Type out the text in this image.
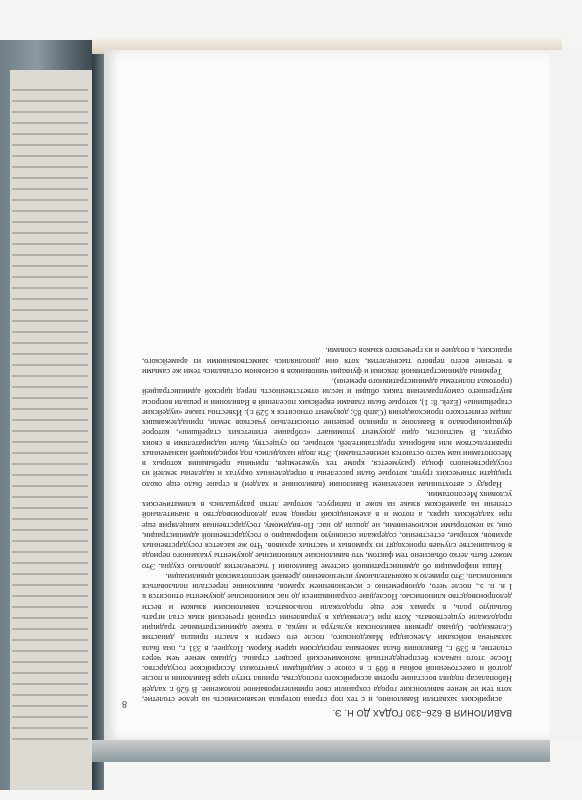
ВАВИЛОНИЯ В 626–330 ГОДАХ ДО Н. Э.

асирийских захватили Вавилонию, и с тех пор страна потеряла независимость на целое столетие, хотя тем не менее вавилонские города сохраняли свое привилегированное положение. В 626 г. халдей Набопаласар поднял восстание против ассирийского господства, принял титул царя Вавилонии и после долгой и ожесточенной войны в 609 г. в союзе с мидийцами уничтожил Ассирийское государство. После этого начался беспрецедентный экономический расцвет страны. Однако менее чем через столетие, в 539 г., Вавилония была завоевана персидским царем Киром. Позднее, в 331 г., она была захвачена войсками Александра Македонского, после его смерти к власти пришла династия Селевкидов. Однако древняя вавилонская культура и наука, а также административные традиции продолжали существовать. Хотя при Селевкидах в управлении страной греческий язык стал играть большую роль, в храмах все еще продолжали пользоваться вавилонским языком и вести делопроизводство клинописью. Последние сохранившиеся до нас клинописные документы относятся к I в. н. э., после чего, одновременно с исчезновением храмов, вавилоняне перестали пользоваться клинописью. Это привело к окончательному исчезновению древней месопотамской цивилизации.

Наша информация об административной системе Вавилонии I тысячелетия довольно скудна. Это может быть легко объяснено тем фактом, что вавилонские клинописные документы указанного периода в большинстве случаев происходят из храмовых и частных архивов. Что же касается государственных архивов, которые, естественно, содержали основную информацию о государственной администрации, они, за некоторыми исключениями, не дошли до нас. По-видимому, государственная канцелярия еще при халдейских царях, а потом и в ахеменидский период вела делопроизводство в значительной степени на арамейском языке на коже и папирусе, которые легко разрушались в климатических условиях Месопотамии.

Наряду с автохтонным населением Вавилонии (вавилоняне и халдеи) в стране было еще около тридцати этнических групп, которые были расселены в определенных округах и наделены землей из государственного фонда (разумеется, кроме тех чужеземцев, причины пребывания которых в Месопотамии нам часто остаются неизвестными). Эти люди находились под юрисдикцией назначенных правительством или выборных представителей, которые, по существу, были надзирателями в своих округах. В частности, один документ упоминает «собрание египетских старейшин», которое функционировало в Вавилоне и приняло решение относительно участков земли, принадлежавших лицам египетского происхождения (Camb 85; документ относится к 529 г.). Известны также «иудейские старейшины» (Ezek. 8: 1), которые были главами еврейских поселений в Вавилонии и решали вопросы внутреннего самоуправления таких общин и несли ответственность перед царской администрацией (протокол политемы административного времени).

Термины административной лексики и функции чиновников в основном оставались теми же самыми в течение всего первого тысячелетия, хотя они дополнялись заимствованиями из арамейского, иранских, а позднее и из греческого языков словами.

8
